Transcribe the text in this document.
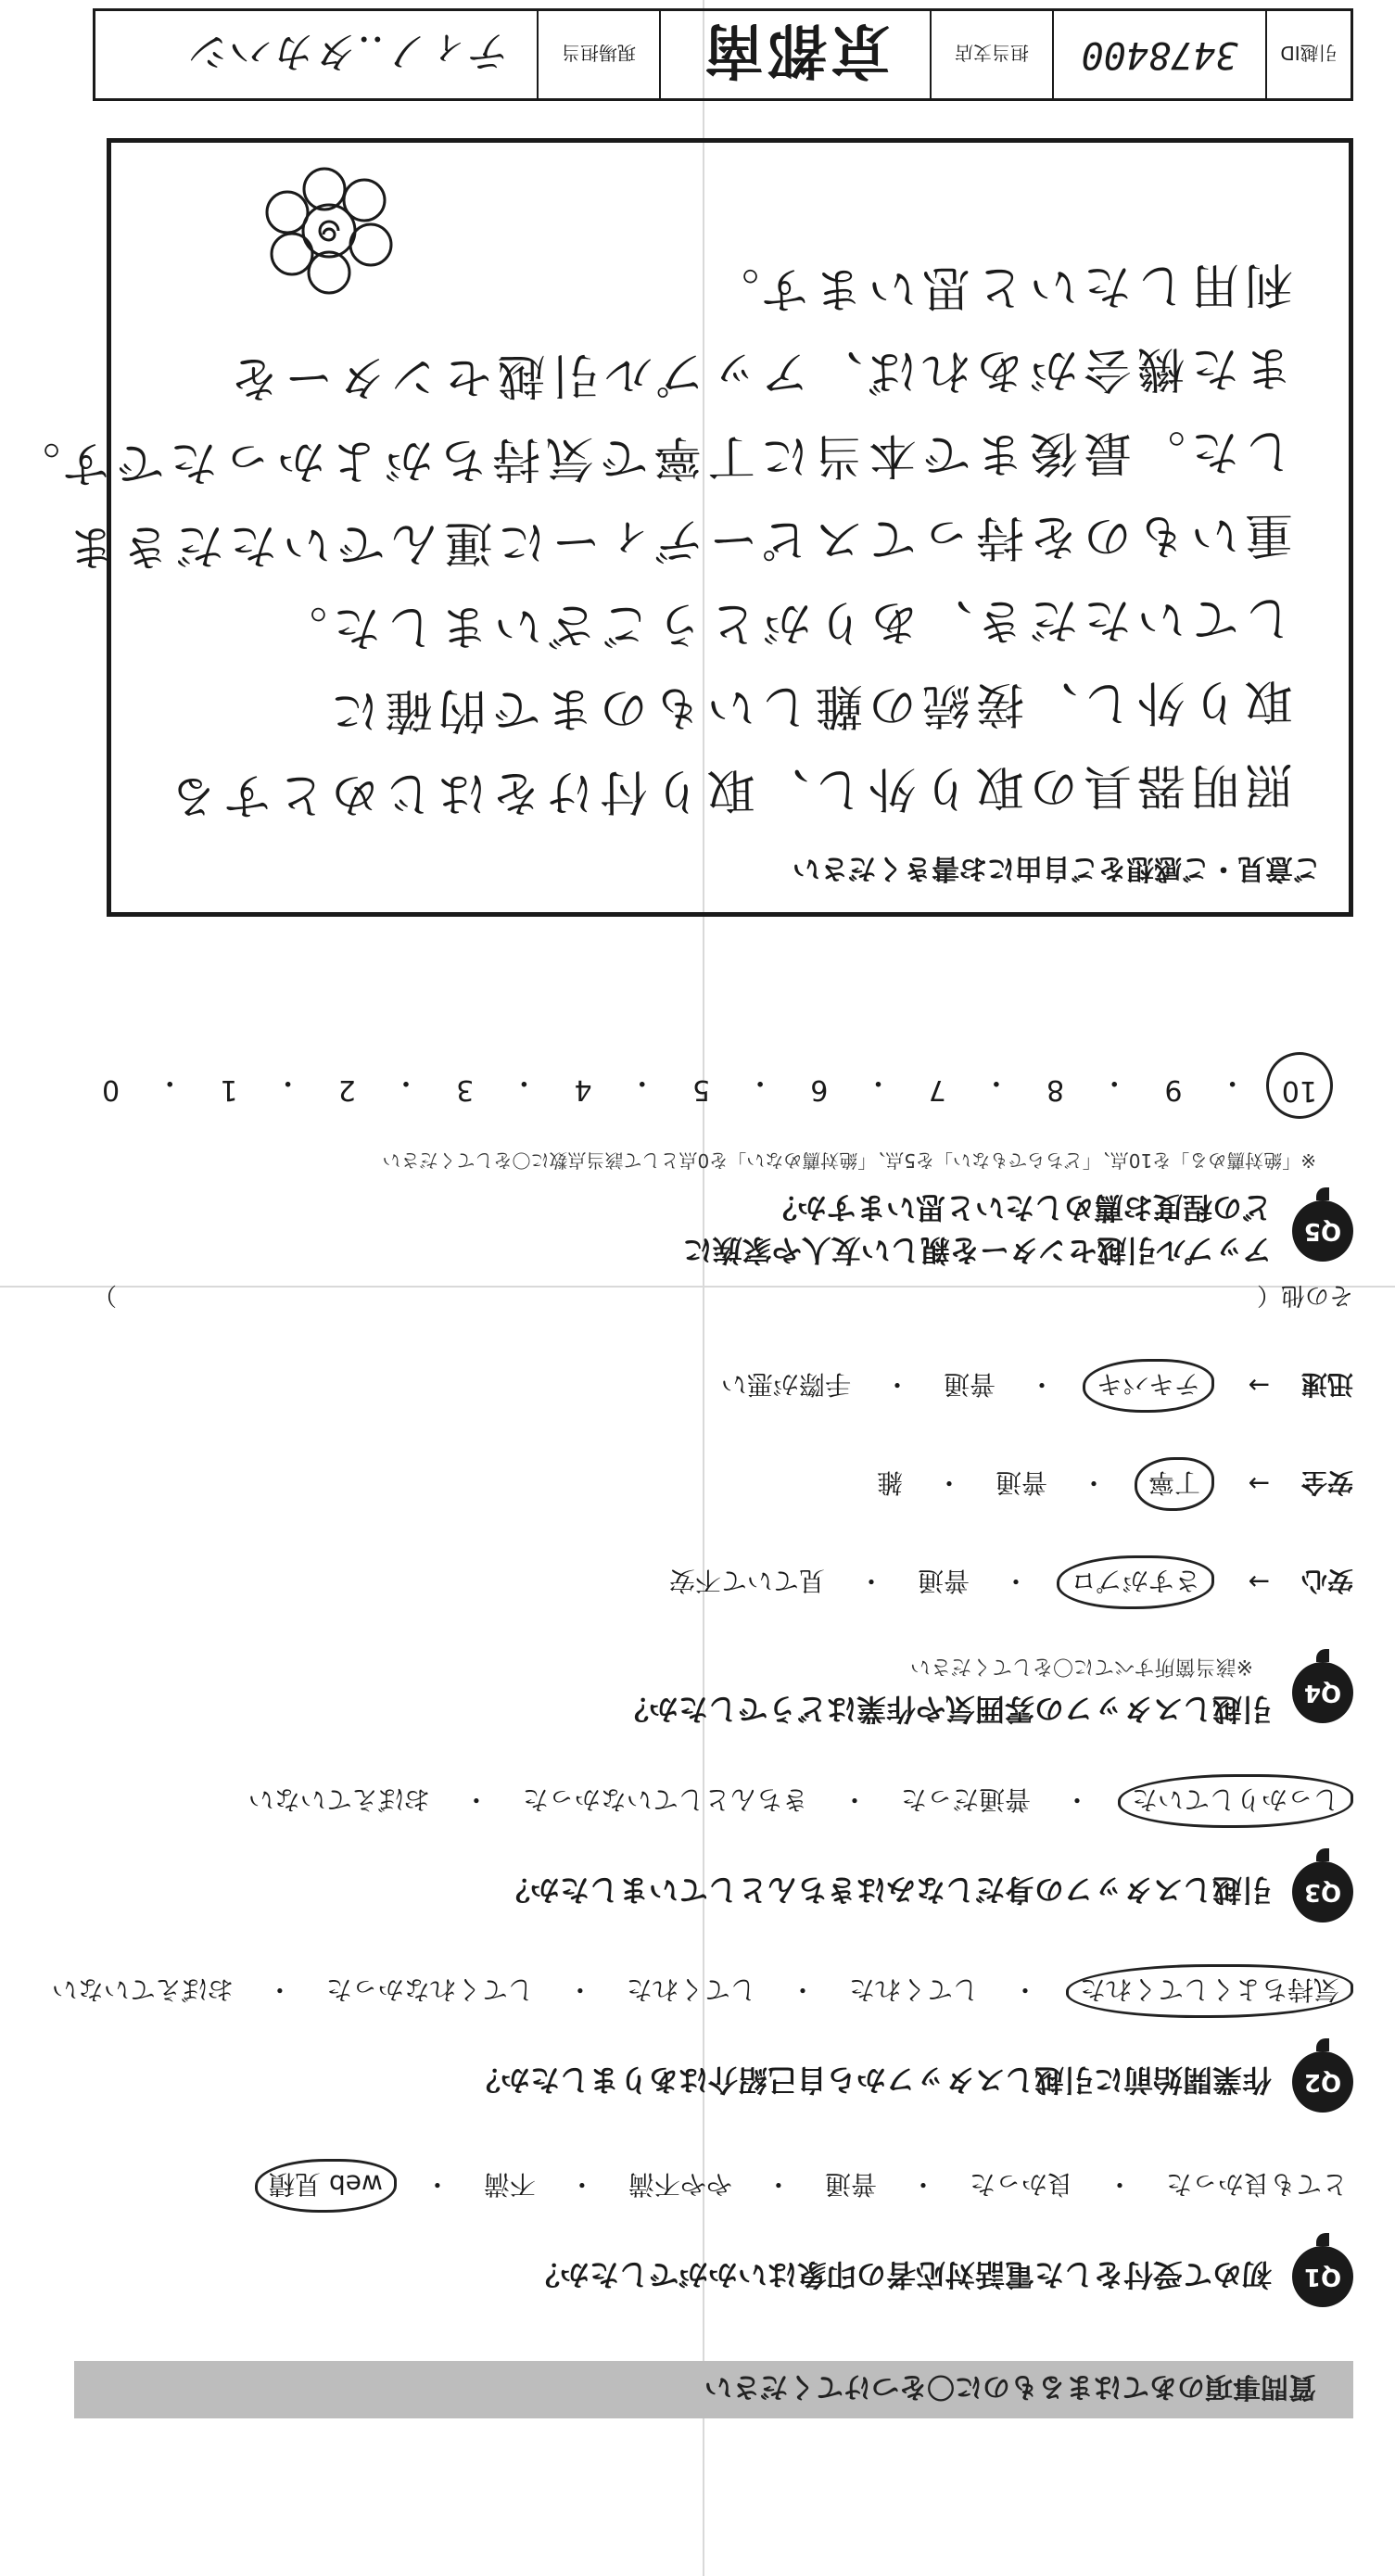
質問事項のあてはまるものに〇をつけてください
Q1
初めて受付をした電話対応者の印象はいかがでしたか？
とても良かった
・
良かった
・
普通
・
やや不満
・
不満
・
web 見積
Q2
作業開始前に引越しスタッフから自己紹介はありましたか？
気持ちよくしてくれた
・
してくれた
・
してくれた
・
してくれなかった
・
おぼえていない
Q3
引越しスタッフの身だしなみはきちんとしていましたか？
しっかりしていた
・
普通だった
・
きちんとしていなかった
・
おぼえていない
Q4
引越しスタッフの雰囲気や作業はどうでしたか？
※該当箇所すべてに〇をしてください
安心
→
さすがプロ
・
普通
・
見ていて不安
安全
→
丁寧
・
普通
・
雑
迅速
→
テキパキ
・
普通
・
手際が悪い
その他（
）
Q5
アップル引越センターを親しい友人や家族に
どの程度お薦めしたいと思いますか？
※「絶対薦める」を10点、「どちらでもない」を5点、「絶対薦めない」を0点として該当点数に〇をしてください
10
・
9
・
8
・
7
・
6
・
5
・
4
・
3
・
2
・
1
・
0
ご意見・ご感想をご自由にお書きください
照明器具の取り外し、取り付けをはじめとする
取り外し、接続の難しいものまで的確に
していただき、ありがとうございました。
重いものを持ってスピーディーに運んでいただきま
した。最後まで本当に丁寧で気持ちがよかったです。
また機会があれば、アップル引越センターを
利用したいと思います。
引越ID
3478400
担当支店
京都南
現場担当
ティノ..タカハシ
